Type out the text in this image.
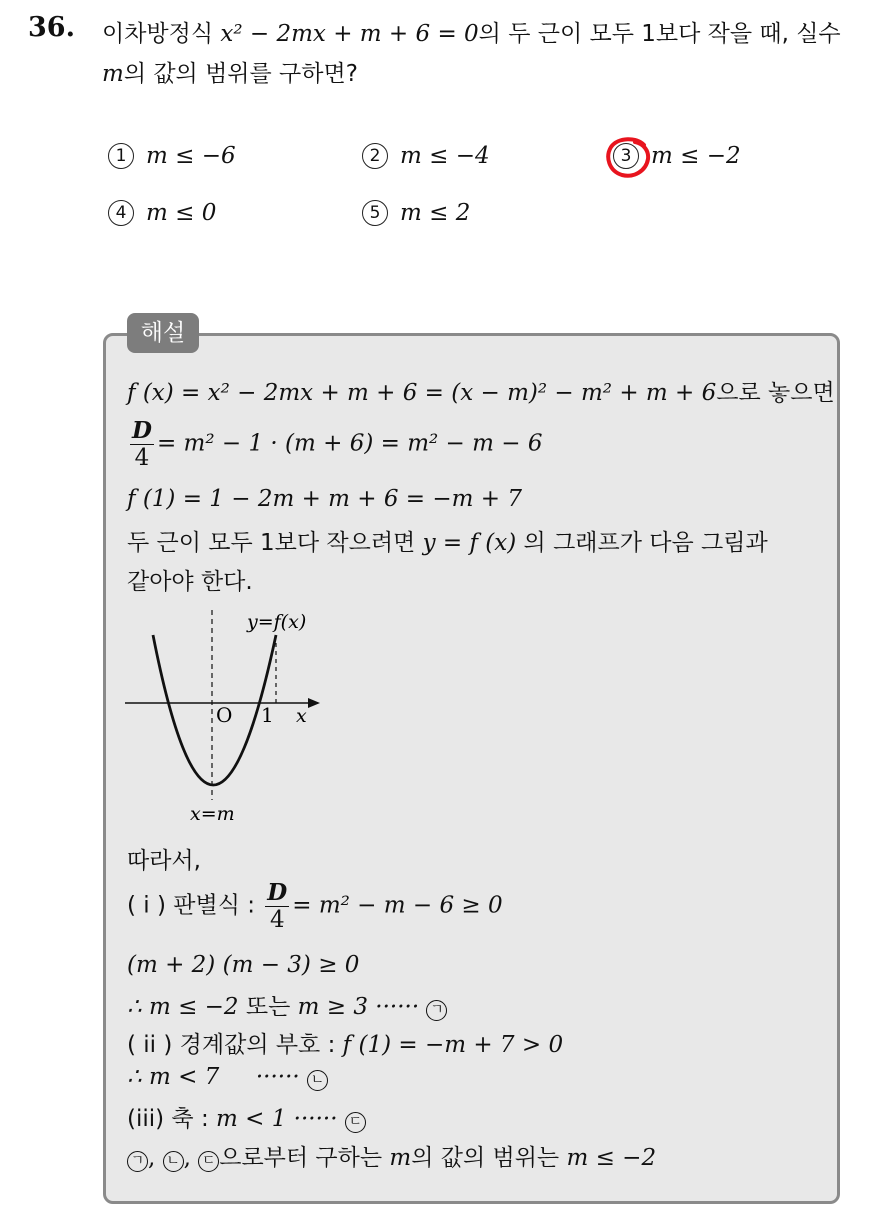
36. 이차방정식 x² − 2mx + m + 6 = 0의 두 근이 모두 1보다 작을 때, 실수
m의 값의 범위를 구하면?
1 m ≤ −6	2 m ≤ −4	3 m ≤ −2
4 m ≤ 0	5 m ≤ 2
해설
f (x) = x² − 2mx + m + 6 = (x − m)² − m² + m + 6으로 놓으면
$\frac{D}{4} = m^2 - 1 \cdot (m + 6) = m^2 - m - 6$
f (1) = 1 − 2m + m + 6 = −m + 7
두 근이 모두 1보다 작으려면 y = f (x) 의 그래프가 다음 그림과
같아야 한다.
y=f(x)
O 1 x
x=m
따라서,
( i ) 판별식 : $\frac{D}{4} = m^2 - m - 6 \ge 0$
(m + 2) (m − 3) ≥ 0
∴ m ≤ −2 또는 m ≥ 3 ······ ㄱ
( ii ) 경계값의 부호 : f (1) = −m + 7 > 0
∴ m < 7     ······ ㄴ
(iii) 축 : m < 1 ······ ㄷ
ㄱ , ㄴ , ㄷ 으로부터 구하는 m의 값의 범위는 m ≤ −2
